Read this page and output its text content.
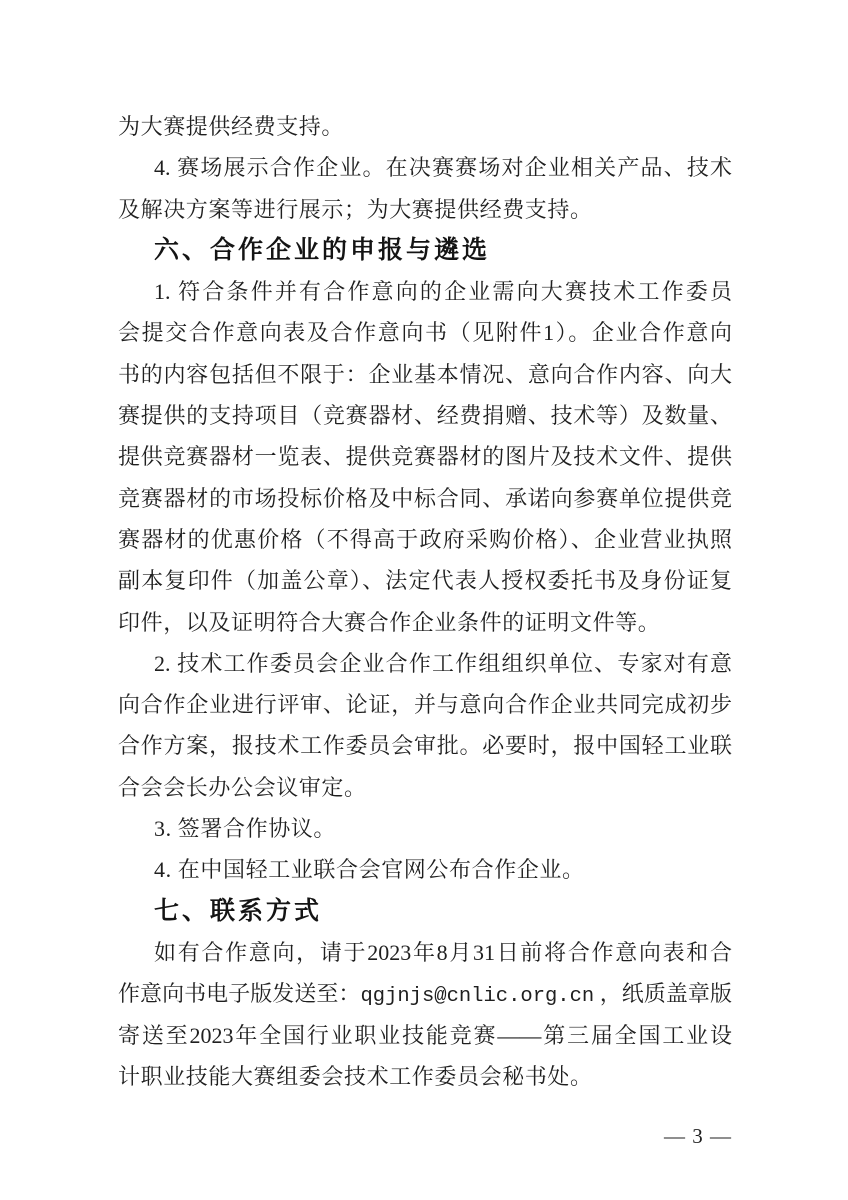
为大赛提供经费支持。
4. 赛场展示合作企业。在决赛赛场对企业相关产品、技术
及解决方案等进行展示；为大赛提供经费支持。
六、合作企业的申报与遴选
1. 符合条件并有合作意向的企业需向大赛技术工作委员
会提交合作意向表及合作意向书（见附件1）。企业合作意向
书的内容包括但不限于：企业基本情况、意向合作内容、向大
赛提供的支持项目（竞赛器材、经费捐赠、技术等）及数量、
提供竞赛器材一览表、提供竞赛器材的图片及技术文件、提供
竞赛器材的市场投标价格及中标合同、承诺向参赛单位提供竞
赛器材的优惠价格（不得高于政府采购价格）、企业营业执照
副本复印件（加盖公章）、法定代表人授权委托书及身份证复
印件，以及证明符合大赛合作企业条件的证明文件等。
2. 技术工作委员会企业合作工作组组织单位、专家对有意
向合作企业进行评审、论证，并与意向合作企业共同完成初步
合作方案，报技术工作委员会审批。必要时，报中国轻工业联
合会会长办公会议审定。
3. 签署合作协议。
4. 在中国轻工业联合会官网公布合作企业。
七、联系方式
如有合作意向，请于2023年8月31日前将合作意向表和合
作意向书电子版发送至：qgjnjs@cnlic.org.cn ，纸质盖章版
寄送至2023年全国行业职业技能竞赛——第三届全国工业设
计职业技能大赛组委会技术工作委员会秘书处。
— 3 —
